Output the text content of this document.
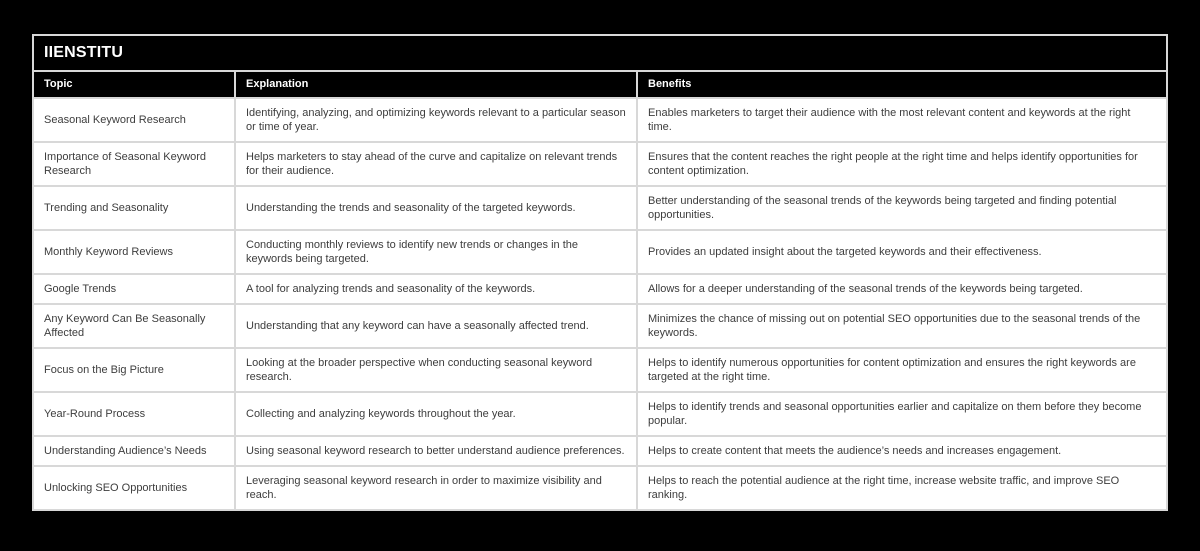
IIENSTITU		
Topic	Explanation	Benefits
Seasonal Keyword Research	Identifying, analyzing, and optimizing keywords relevant to a particular season or time of year.	Enables marketers to target their audience with the most relevant content and keywords at the right time.
Importance of Seasonal Keyword Research	Helps marketers to stay ahead of the curve and capitalize on relevant trends for their audience.	Ensures that the content reaches the right people at the right time and helps identify opportunities for content optimization.
Trending and Seasonality	Understanding the trends and seasonality of the targeted keywords.	Better understanding of the seasonal trends of the keywords being targeted and finding potential opportunities.
Monthly Keyword Reviews	Conducting monthly reviews to identify new trends or changes in the keywords being targeted.	Provides an updated insight about the targeted keywords and their effectiveness.
Google Trends	A tool for analyzing trends and seasonality of the keywords.	Allows for a deeper understanding of the seasonal trends of the keywords being targeted.
Any Keyword Can Be Seasonally Affected	Understanding that any keyword can have a seasonally affected trend.	Minimizes the chance of missing out on potential SEO opportunities due to the seasonal trends of the keywords.
Focus on the Big Picture	Looking at the broader perspective when conducting seasonal keyword research.	Helps to identify numerous opportunities for content optimization and ensures the right keywords are targeted at the right time.
Year-Round Process	Collecting and analyzing keywords throughout the year.	Helps to identify trends and seasonal opportunities earlier and capitalize on them before they become popular.
Understanding Audience’s Needs	Using seasonal keyword research to better understand audience preferences.	Helps to create content that meets the audience’s needs and increases engagement.
Unlocking SEO Opportunities	Leveraging seasonal keyword research in order to maximize visibility and reach.	Helps to reach the potential audience at the right time, increase website traffic, and improve SEO ranking.
